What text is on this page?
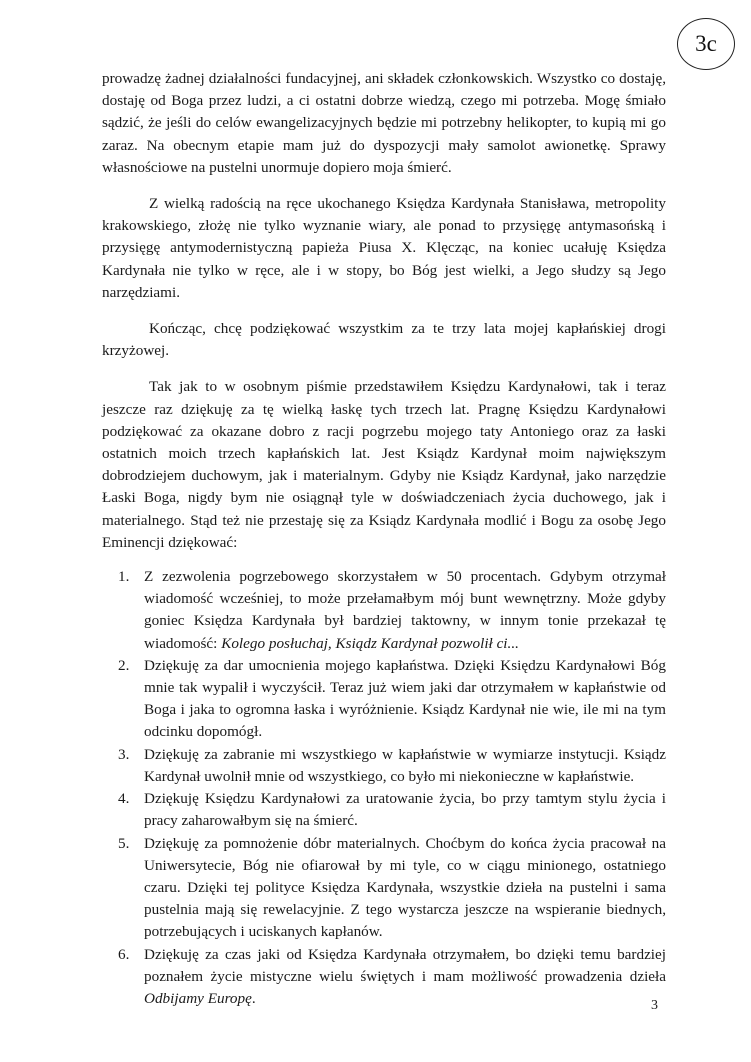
3c

prowadzę żadnej działalności fundacyjnej, ani składek członkowskich. Wszystko co dostaję, dostaję od Boga przez ludzi, a ci ostatni dobrze wiedzą, czego mi potrzeba. Mogę śmiało sądzić, że jeśli do celów ewangelizacyjnych będzie mi potrzebny helikopter, to kupią mi go zaraz. Na obecnym etapie mam już do dyspozycji mały samolot awionetkę. Sprawy własnościowe na pustelni unormuje dopiero moja śmierć.

Z wielką radością na ręce ukochanego Księdza Kardynała Stanisława, metropolity krakowskiego, złożę nie tylko wyznanie wiary, ale ponad to przysięgę antymasońską i przysięgę antymodernistyczną papieża Piusa X. Klęcząc, na koniec ucałuję Księdza Kardynała nie tylko w ręce, ale i w stopy, bo Bóg jest wielki, a Jego słudzy są Jego narzędziami.

Kończąc, chcę podziękować wszystkim za te trzy lata mojej kapłańskiej drogi krzyżowej.

Tak jak to w osobnym piśmie przedstawiłem Księdzu Kardynałowi, tak i teraz jeszcze raz dziękuję za tę wielką łaskę tych trzech lat. Pragnę Księdzu Kardynałowi podziękować za okazane dobro z racji pogrzebu mojego taty Antoniego oraz za łaski ostatnich moich trzech kapłańskich lat. Jest Ksiądz Kardynał moim największym dobrodziejem duchowym, jak i materialnym. Gdyby nie Ksiądz Kardynał, jako narzędzie Łaski Boga, nigdy bym nie osiągnął tyle w doświadczeniach życia duchowego, jak i materialnego. Stąd też nie przestaję się za Ksiądz Kardynała modlić i Bogu za osobę Jego Eminencji dziękować:

1. Z zezwolenia pogrzebowego skorzystałem w 50 procentach. Gdybym otrzymał wiadomość wcześniej, to może przełamałbym mój bunt wewnętrzny. Może gdyby goniec Księdza Kardynała był bardziej taktowny, w innym tonie przekazał tę wiadomość: Kolego posłuchaj, Ksiądz Kardynał pozwolił ci...
2. Dziękuję za dar umocnienia mojego kapłaństwa. Dzięki Księdzu Kardynałowi Bóg mnie tak wypalił i wyczyścił. Teraz już wiem jaki dar otrzymałem w kapłaństwie od Boga i jaka to ogromna łaska i wyróżnienie. Ksiądz Kardynał nie wie, ile mi na tym odcinku dopomógł.
3. Dziękuję za zabranie mi wszystkiego w kapłaństwie w wymiarze instytucji. Ksiądz Kardynał uwolnił mnie od wszystkiego, co było mi niekonieczne w kapłaństwie.
4. Dziękuję Księdzu Kardynałowi za uratowanie życia, bo przy tamtym stylu życia i pracy zaharowałbym się na śmierć.
5. Dziękuję za pomnożenie dóbr materialnych. Choćbym do końca życia pracował na Uniwersytecie, Bóg nie ofiarował by mi tyle, co w ciągu minionego, ostatniego czaru. Dzięki tej polityce Księdza Kardynała, wszystkie dzieła na pustelni i sama pustelnia mają się rewelacyjnie. Z tego wystarcza jeszcze na wspieranie biednych, potrzebujących i uciskanych kapłanów.
6. Dziękuję za czas jaki od Księdza Kardynała otrzymałem, bo dzięki temu bardziej poznałem życie mistyczne wielu świętych i mam możliwość prowadzenia dzieła Odbijamy Europę.	3
